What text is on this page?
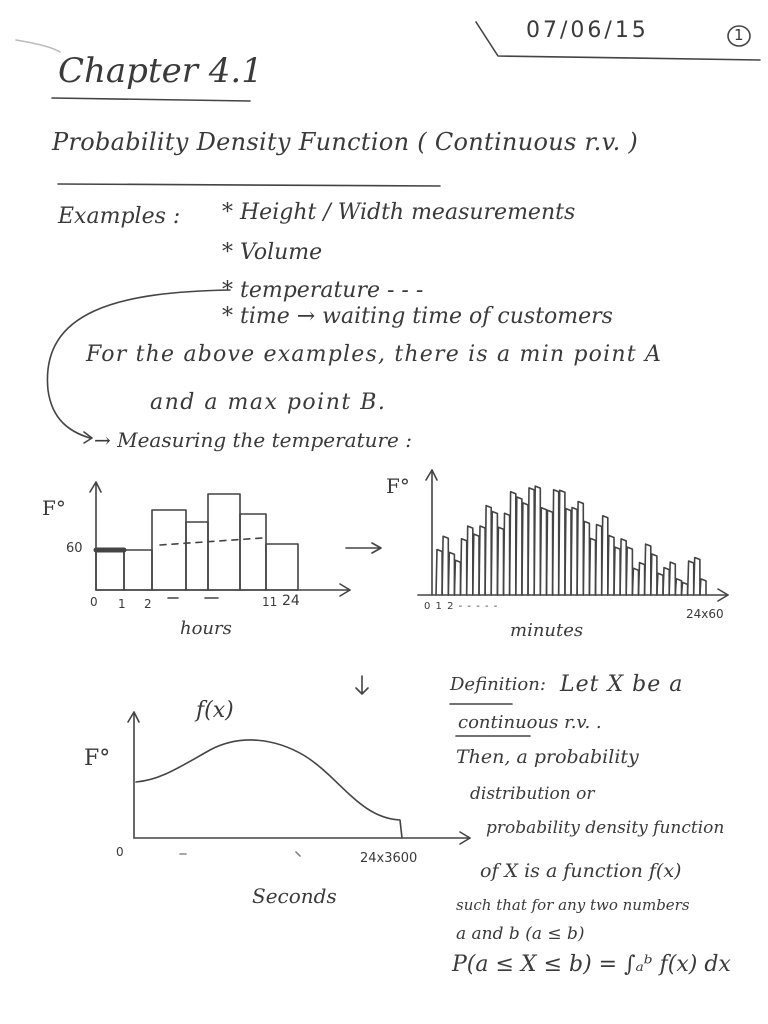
07/06/15	1
Chapter 4.1
Probability Density Function ( Continuous r.v. )
Examples : * Height / Width measurements
* Volume
* temperature - - -
* time → waiting time of customers
For the above examples, there is a min point A
and a max point B.
→ Measuring the temperature :
F°
60
0 1 2	11 24
hours
F°
0 1 2 - - - - -
24x60
minutes
F°
f(x)
0	24x3600
Seconds
Definition: Let X be a
continuous r.v. .
Then, a probability
distribution or
probability density function
of X is a function f(x)
such that for any two numbers
a and b (a ≤ b)
P(a ≤ X ≤ b) = ∫ₐᵇ f(x) dx
